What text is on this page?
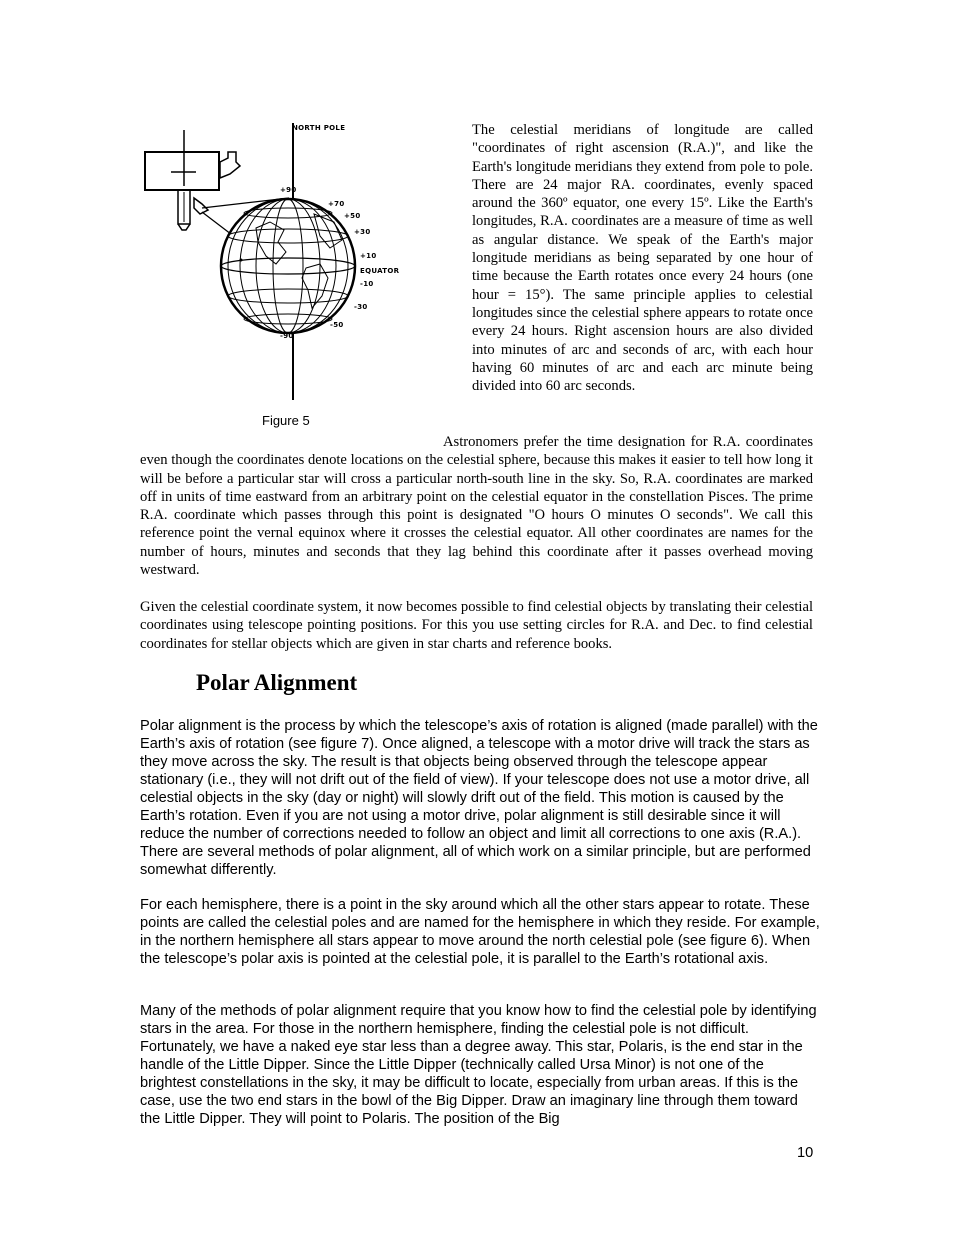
NORTH POLE
+90
+70
+50
+30
+10
EQUATOR
-10
-30
-50
-90
Figure 5

The celestial meridians of longitude are called "coordinates of right ascension (R.A.)", and like the Earth's longitude meridians they extend from pole to pole. There are 24 major RA. coordinates, evenly spaced around the 360º equator, one every 15º. Like the Earth's longitudes, R.A. coordinates are a measure of time as well as angular distance. We speak of the Earth's major longitude meridians as being separated by one hour of time because the Earth rotates once every 24 hours (one hour = 15°). The same principle applies to celestial longitudes since the celestial sphere appears to rotate once every 24 hours. Right ascension hours are also divided into minutes of arc and seconds of arc, with each hour having 60 minutes of arc and each arc minute being divided into 60 arc seconds.

Astronomers prefer the time designation for R.A. coordinates even though the coordinates denote locations on the celestial sphere, because this makes it easier to tell how long it will be before a particular star will cross a particular north-south line in the sky. So, R.A. coordinates are marked off in units of time eastward from an arbitrary point on the celestial equator in the constellation Pisces. The prime R.A. coordinate which passes through this point is designated "O hours O minutes O seconds". We call this reference point the vernal equinox where it crosses the celestial equator. All other coordinates are names for the number of hours, minutes and seconds that they lag behind this coordinate after it passes overhead moving westward.

Given the celestial coordinate system, it now becomes possible to find celestial objects by translating their celestial coordinates using telescope pointing positions. For this you use setting circles for R.A. and Dec. to find celestial coordinates for stellar objects which are given in star charts and reference books.

Polar Alignment

Polar alignment is the process by which the telescope’s axis of rotation is aligned (made parallel) with the Earth’s axis of rotation (see figure 7). Once aligned, a telescope with a motor drive will track the stars as they move across the sky. The result is that objects being observed through the telescope appear stationary (i.e., they will not drift out of the field of view). If your telescope does not use a motor drive, all celestial objects in the sky (day or night) will slowly drift out of the field. This motion is caused by the Earth’s rotation. Even if you are not using a motor drive, polar alignment is still desirable since it will reduce the number of corrections needed to follow an object and limit all corrections to one axis (R.A.). There are several methods of polar alignment, all of which work on a similar principle, but are performed somewhat differently.

For each hemisphere, there is a point in the sky around which all the other stars appear to rotate. These points are called the celestial poles and are named for the hemisphere in which they reside. For example, in the northern hemisphere all stars appear to move around the north celestial pole (see figure 6). When the telescope’s polar axis is pointed at the celestial pole, it is parallel to the Earth’s rotational axis.

Many of the methods of polar alignment require that you know how to find the celestial pole by identifying stars in the area. For those in the northern hemisphere, finding the celestial pole is not difficult. Fortunately, we have a naked eye star less than a degree away. This star, Polaris, is the end star in the handle of the Little Dipper. Since the Little Dipper (technically called Ursa Minor) is not one of the brightest constellations in the sky, it may be difficult to locate, especially from urban areas. If this is the case, use the two end stars in the bowl of the Big Dipper. Draw an imaginary line through them toward the Little Dipper. They will point to Polaris. The position of the Big

10
